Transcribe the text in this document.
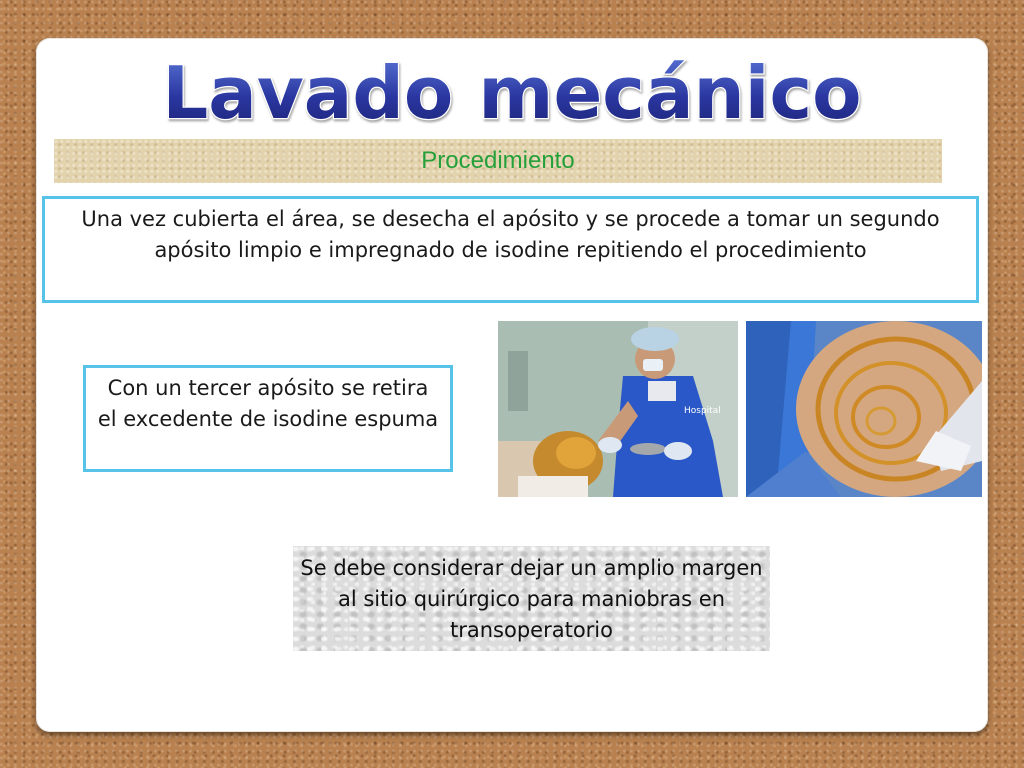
Lavado mecánico
Procedimiento
Una vez cubierta el área, se desecha el apósito y se procede a tomar un segundo apósito limpio e impregnado de isodine repitiendo el procedimiento
Con un tercer apósito se retira el excedente de isodine espuma	Hospital
Se debe considerar dejar un amplio margen al sitio quirúrgico para maniobras en transoperatorio
